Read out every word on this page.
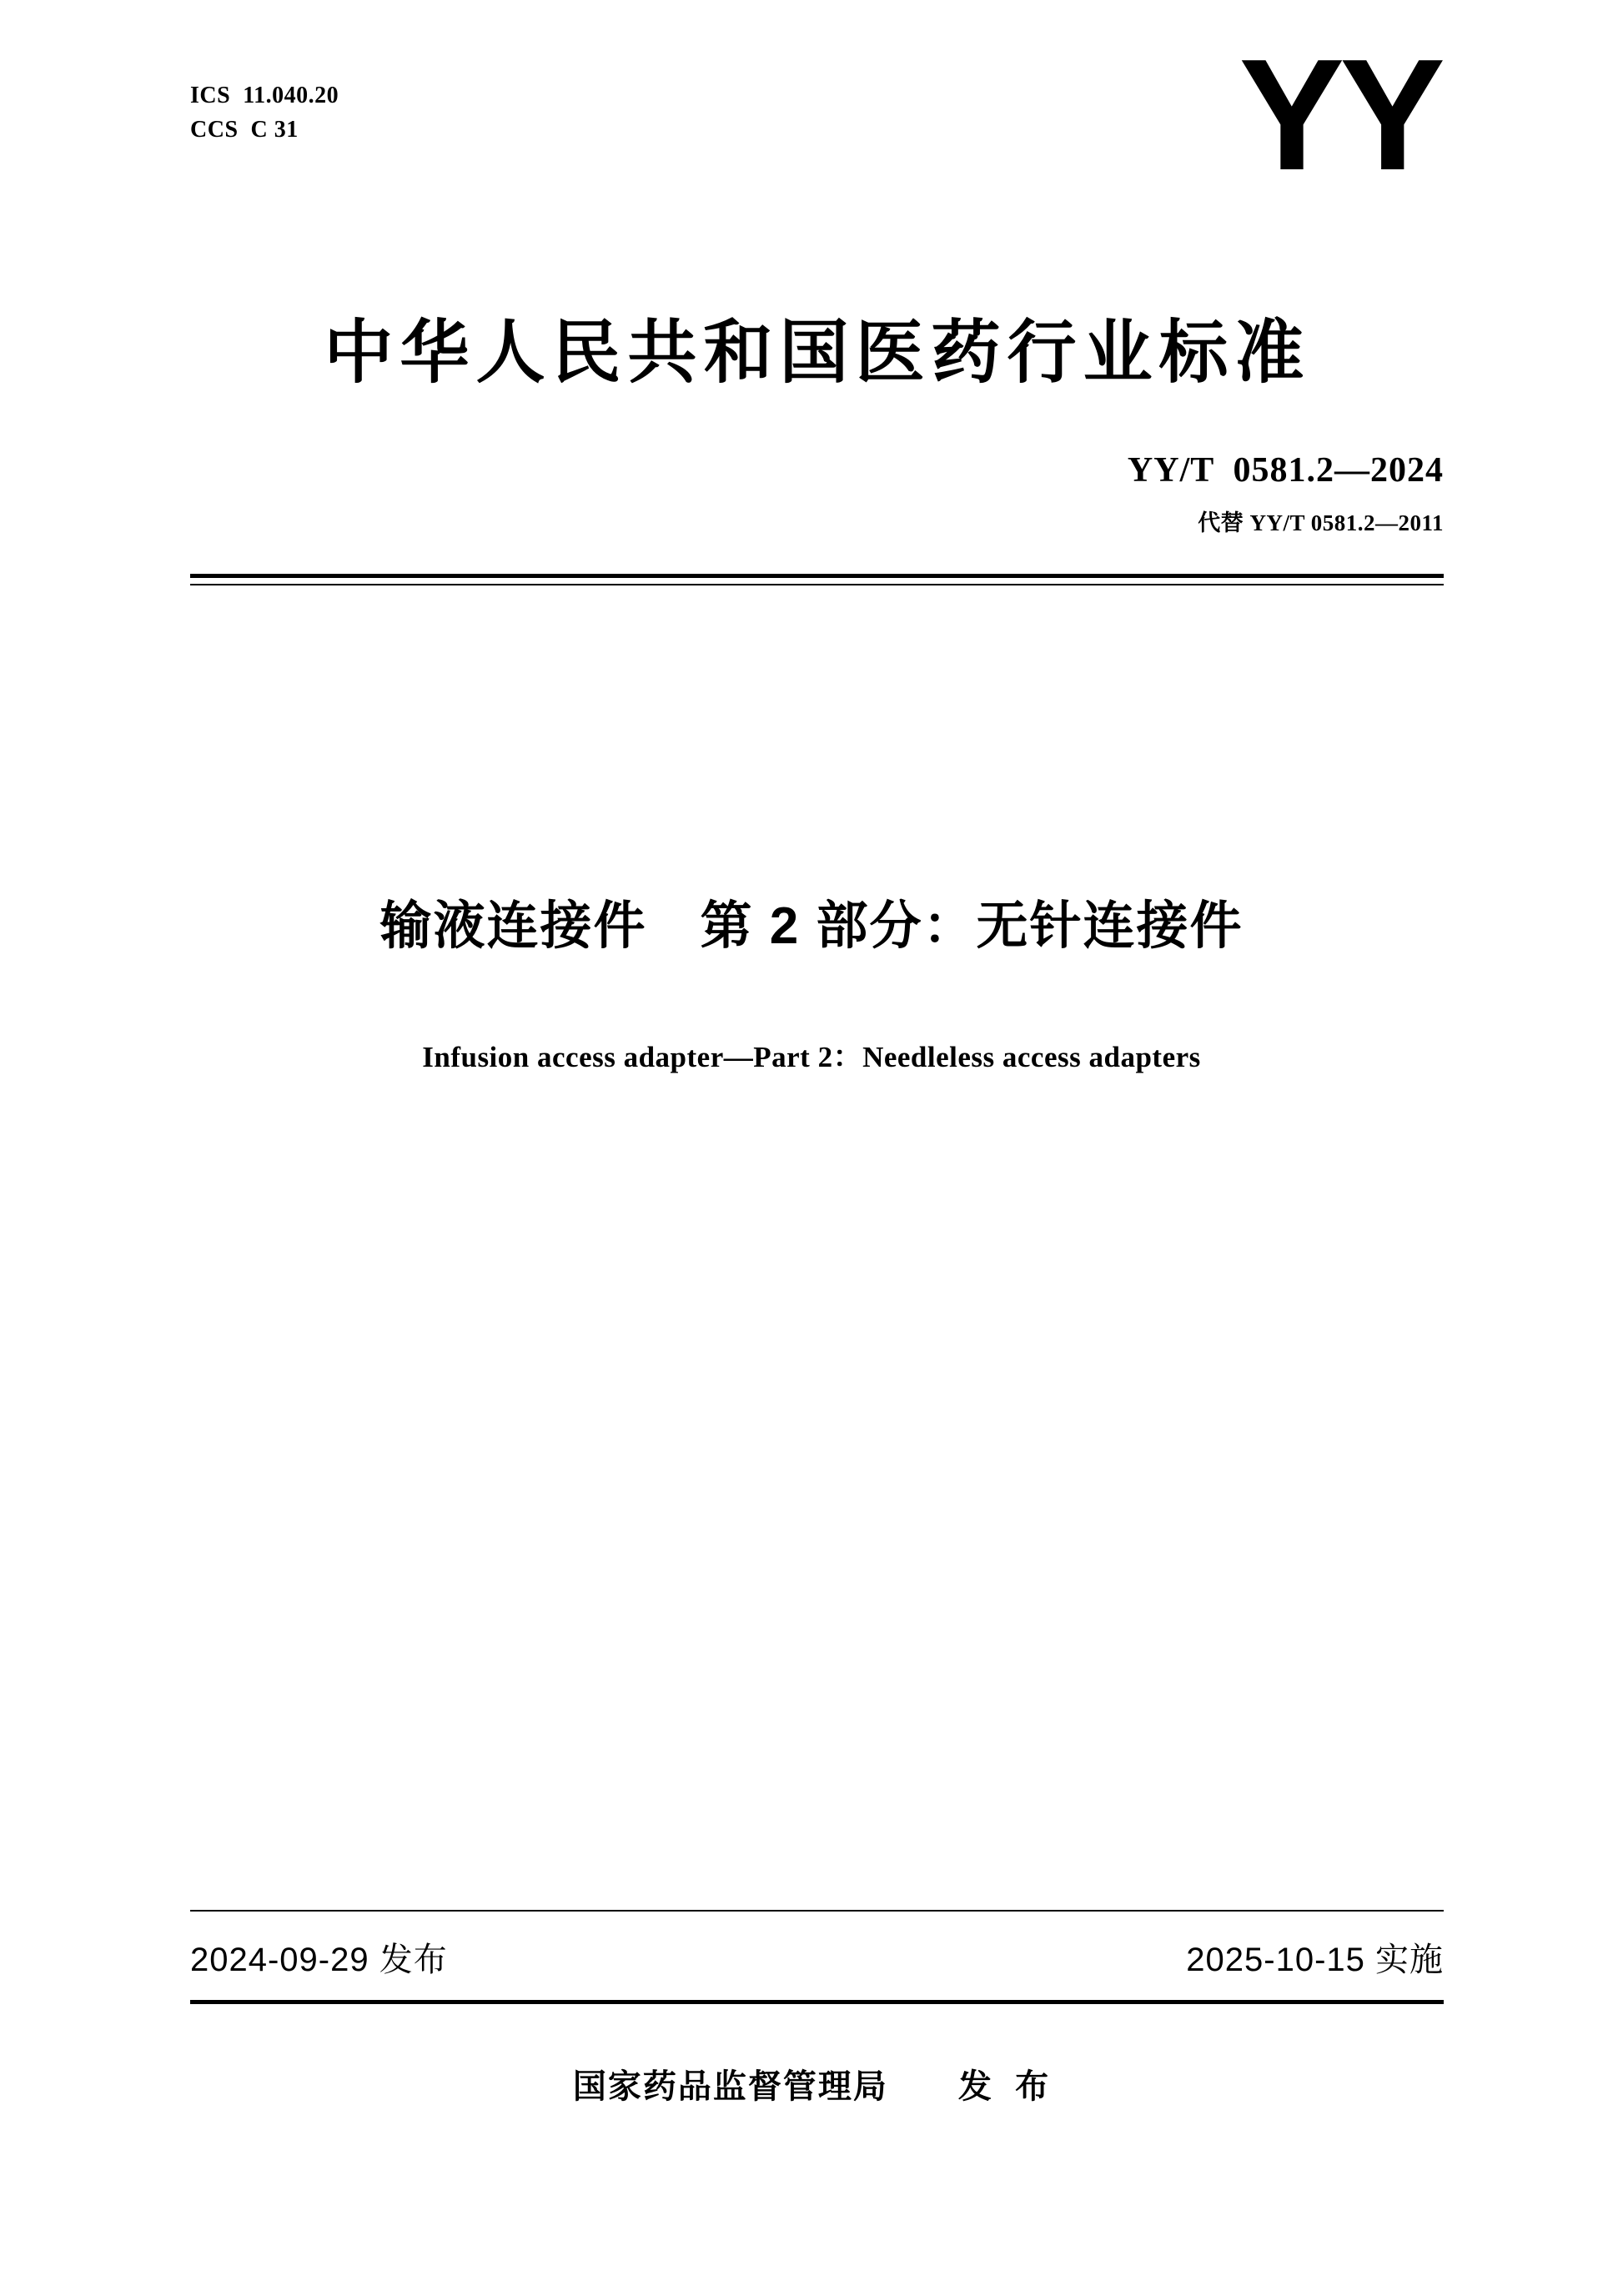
ICS  11.040.20
CCS  C 31	YY
中华人民共和国医药行业标准
YY/T  0581.2—2024
代替 YY/T 0581.2—2011
输液连接件　第 2 部分：无针连接件
Infusion access adapter—Part 2：Needleless access adapters
2024-09-29 发布	2025-10-15 实施
国家药品监督管理局　　发  布
